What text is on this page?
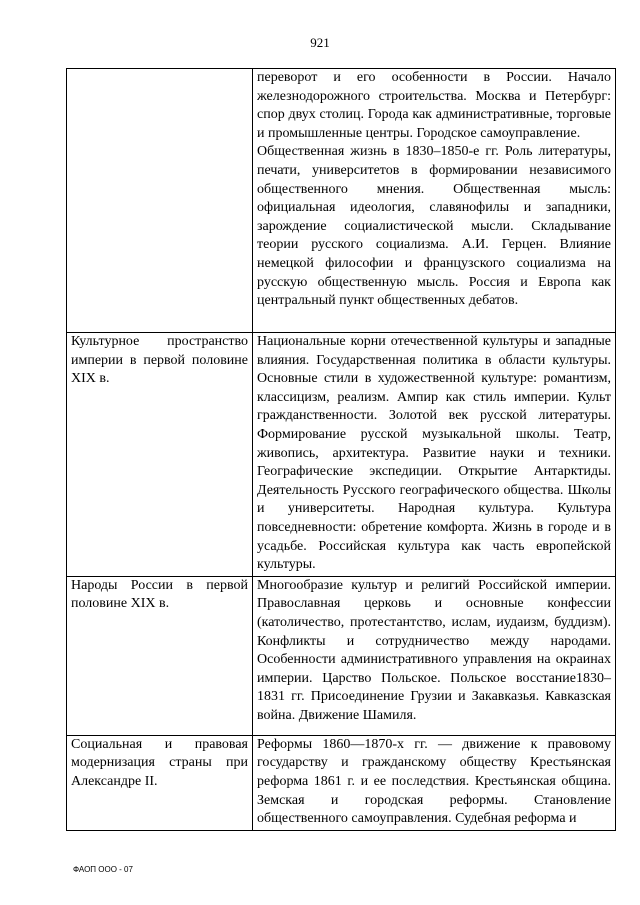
921

	переворот и его особенности в России. Начало железнодорожного строительства. Москва и Петербург: спор двух столиц. Города как административные, торговые и промышленные центры. Городское самоуправление.

Общественная жизнь в 1830–1850-е гг. Роль литературы, печати, университетов в формировании независимого общественного мнения. Общественная мысль: официальная идеология, славянофилы и западники, зарождение социалистической мысли. Складывание теории русского социализма. А.И. Герцен. Влияние немецкой философии и французского социализма на русскую общественную мысль. Россия и Европа как центральный пункт общественных дебатов.

Культурное пространство империи в первой половине XIX в.	Национальные корни отечественной культуры и западные влияния. Государственная политика в области культуры. Основные стили в художественной культуре: романтизм, классицизм, реализм. Ампир как стиль империи. Культ гражданственности. Золотой век русской литературы. Формирование русской музыкальной школы. Театр, живопись, архитектура. Развитие науки и техники. Географические экспедиции. Открытие Антарктиды. Деятельность Русского географического общества. Школы и университеты. Народная культура. Культура повседневности: обретение комфорта. Жизнь в городе и в усадьбе. Российская культура как часть европейской культуры.

Народы России в первой половине XIX в.	Многообразие культур и религий Российской империи. Православная церковь и основные конфессии (католичество, протестантство, ислам, иудаизм, буддизм). Конфликты и сотрудничество между народами. Особенности административного управления на окраинах империи. Царство Польское. Польское восстание1830–1831 гг. Присоединение Грузии и Закавказья. Кавказская война. Движение Шамиля.

Социальная и правовая модернизация страны при Александре II.	Реформы 1860—1870-х гг. — движение к правовому государству и гражданскому обществу Крестьянская реформа 1861 г. и ее последствия. Крестьянская община. Земская и городская реформы. Становление общественного самоуправления. Судебная реформа и

ФАОП ООО - 07
